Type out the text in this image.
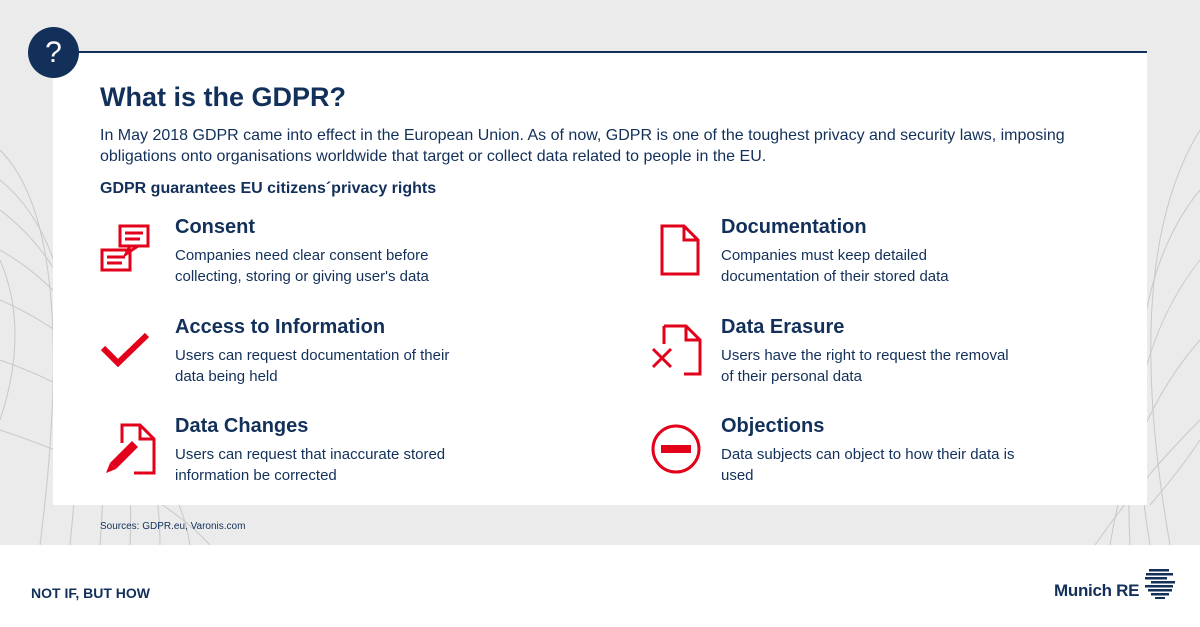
?
What is the GDPR?

In May 2018 GDPR came into effect in the European Union. As of now, GDPR is one of the toughest privacy and security laws, imposing obligations onto organisations worldwide that target or collect data related to people in the EU.

GDPR guarantees EU citizens´privacy rights
Consent

Companies need clear consent before collecting, storing or giving user's data

Documentation

Companies must keep detailed documentation of their stored data

Access to Information

Users can request documentation of their data being held

Data Erasure

Users have the right to request the removal of their personal data

Data Changes

Users can request that inaccurate stored information be corrected

Objections

Data subjects can object to how their data is used

Sources: GDPR.eu, Varonis.com
NOT IF, BUT HOW	Munich RE
